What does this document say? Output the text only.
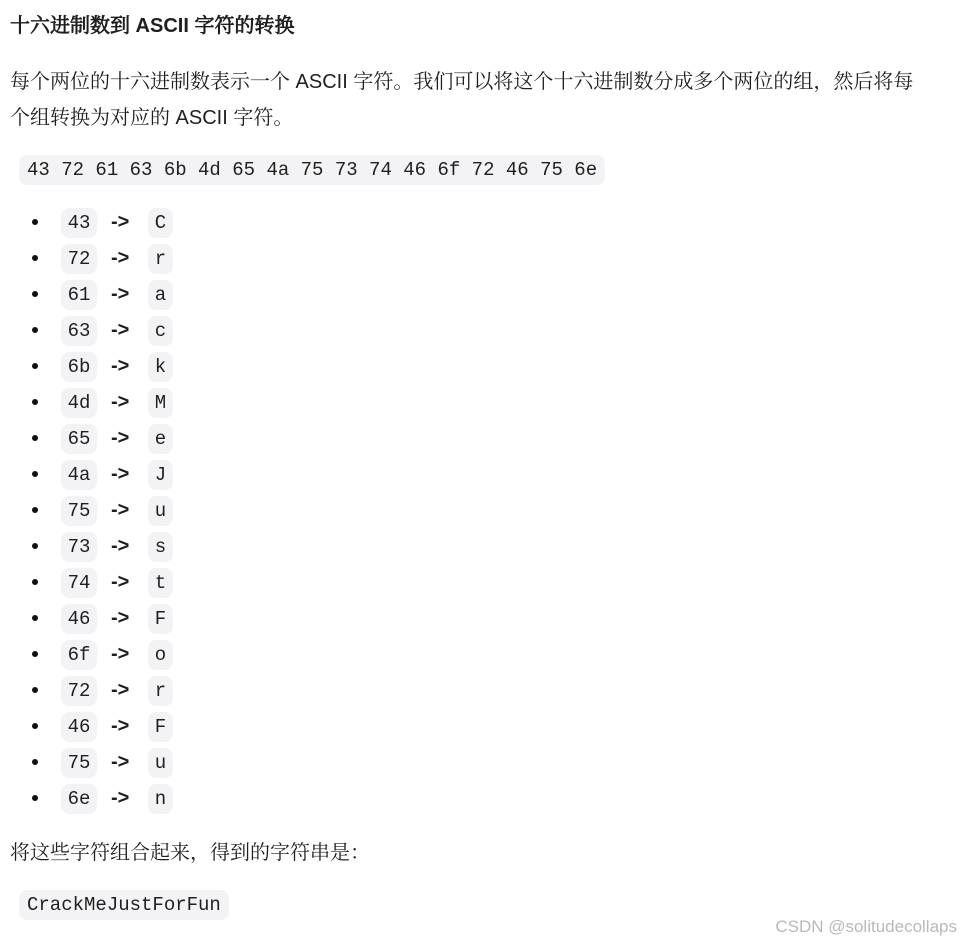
十六进制数到 ASCII 字符的转换
每个两位的十六进制数表示一个 ASCII 字符。我们可以将这个十六进制数分成多个两位的组，然后将每
个组转换为对应的 ASCII 字符。
43 72 61 63 6b 4d 65 4a 75 73 74 46 6f 72 46 75 6e
43	->	C
72	->	r
61	->	a
63	->	c
6b	->	k
4d	->	M
65	->	e
4a	->	J
75	->	u
73	->	s
74	->	t
46	->	F
6f	->	o
72	->	r
46	->	F
75	->	u
6e	->	n
将这些字符组合起来，得到的字符串是：
CrackMeJustForFun
CSDN @solitudecollaps
